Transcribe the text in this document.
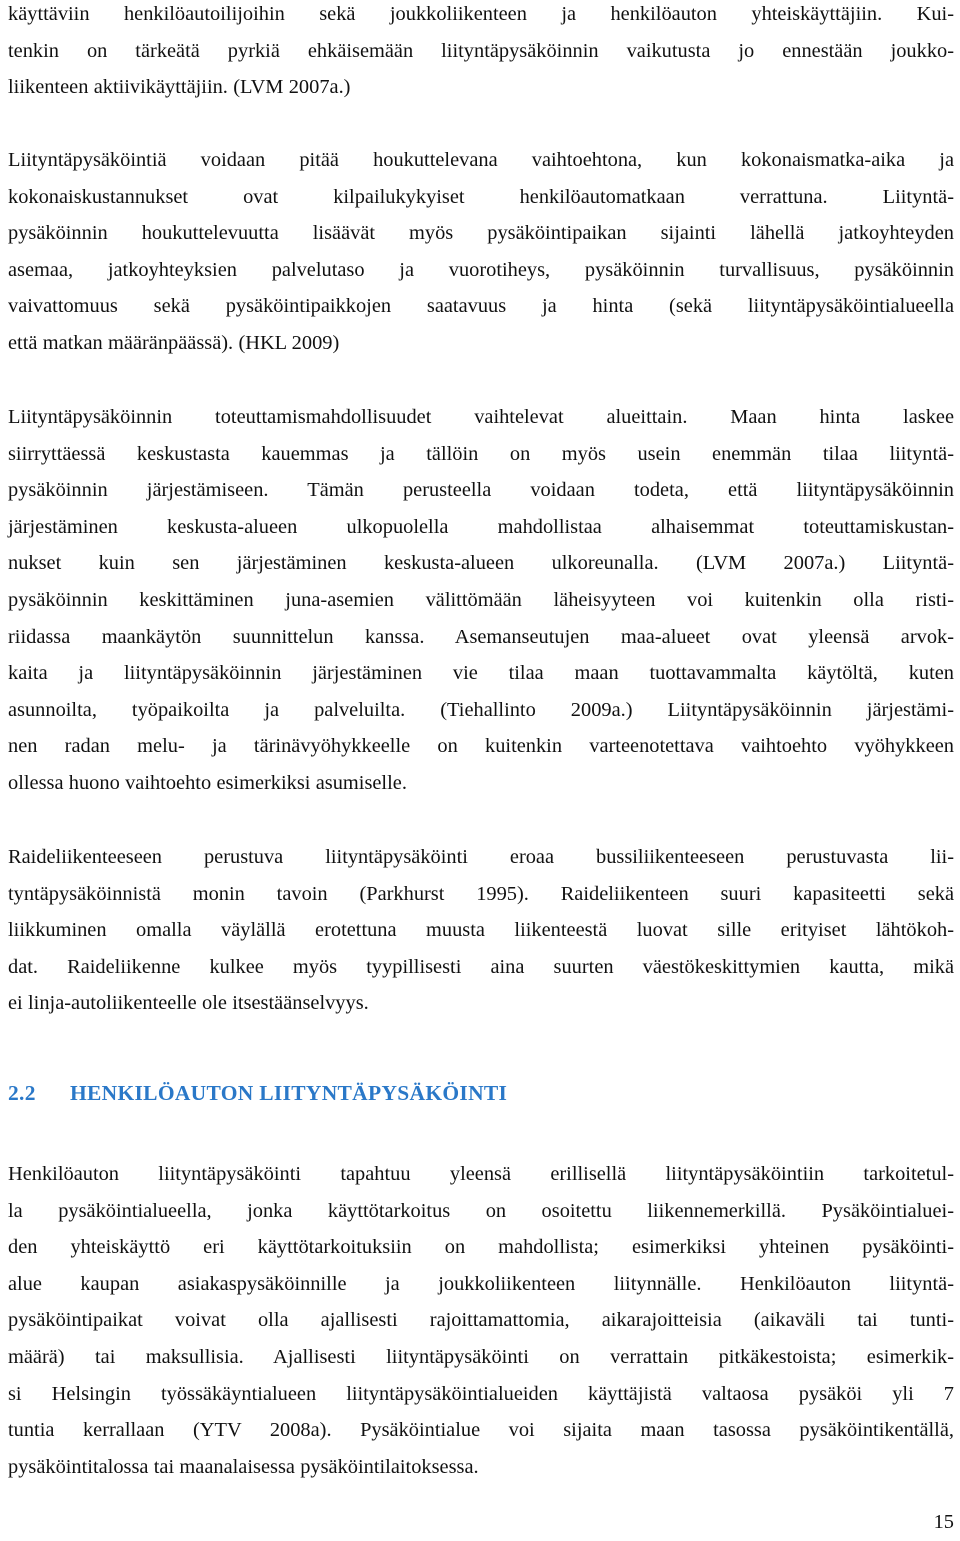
käyttäviin henkilöautoilijoihin sekä joukkoliikenteen ja henkilöauton yhteiskäyttäjiin. Kui-
tenkin on tärkeätä pyrkiä ehkäisemään liityntäpysäköinnin vaikutusta jo ennestään joukko-
liikenteen aktiivikäyttäjiin. (LVM 2007a.)
Liityntäpysäköintiä voidaan pitää houkuttelevana vaihtoehtona, kun kokonaismatka-aika ja
kokonaiskustannukset ovat kilpailukykyiset henkilöautomatkaan verrattuna. Liityntä-
pysäköinnin houkuttelevuutta lisäävät myös pysäköintipaikan sijainti lähellä jatkoyhteyden
asemaa, jatkoyhteyksien palvelutaso ja vuorotiheys, pysäköinnin turvallisuus, pysäköinnin
vaivattomuus sekä pysäköintipaikkojen saatavuus ja hinta (sekä liityntäpysäköintialueella
että matkan määränpäässä). (HKL 2009)
Liityntäpysäköinnin toteuttamismahdollisuudet vaihtelevat alueittain. Maan hinta laskee
siirryttäessä keskustasta kauemmas ja tällöin on myös usein enemmän tilaa liityntä-
pysäköinnin järjestämiseen. Tämän perusteella voidaan todeta, että liityntäpysäköinnin
järjestäminen keskusta-alueen ulkopuolella mahdollistaa alhaisemmat toteuttamiskustan-
nukset kuin sen järjestäminen keskusta-alueen ulkoreunalla. (LVM 2007a.) Liityntä-
pysäköinnin keskittäminen juna-asemien välittömään läheisyyteen voi kuitenkin olla risti-
riidassa maankäytön suunnittelun kanssa. Asemanseutujen maa-alueet ovat yleensä arvok-
kaita ja liityntäpysäköinnin järjestäminen vie tilaa maan tuottavammalta käytöltä, kuten
asunnoilta, työpaikoilta ja palveluilta. (Tiehallinto 2009a.) Liityntäpysäköinnin järjestämi-
nen radan melu- ja tärinävyöhykkeelle on kuitenkin varteenotettava vaihtoehto vyöhykkeen
ollessa huono vaihtoehto esimerkiksi asumiselle.
Raideliikenteeseen perustuva liityntäpysäköinti eroaa bussiliikenteeseen perustuvasta lii-
tyntäpysäköinnistä monin tavoin (Parkhurst 1995). Raideliikenteen suuri kapasiteetti sekä
liikkuminen omalla väylällä erotettuna muusta liikenteestä luovat sille erityiset lähtökoh-
dat. Raideliikenne kulkee myös tyypillisesti aina suurten väestökeskittymien kautta, mikä
ei linja-autoliikenteelle ole itsestäänselvyys.
2.2 HENKILÖAUTON LIITYNTÄPYSÄKÖINTI
Henkilöauton liityntäpysäköinti tapahtuu yleensä erillisellä liityntäpysäköintiin tarkoitetul-
la pysäköintialueella, jonka käyttötarkoitus on osoitettu liikennemerkillä. Pysäköintialuei-
den yhteiskäyttö eri käyttötarkoituksiin on mahdollista; esimerkiksi yhteinen pysäköinti-
alue kaupan asiakaspysäköinnille ja joukkoliikenteen liitynnälle. Henkilöauton liityntä-
pysäköintipaikat voivat olla ajallisesti rajoittamattomia, aikarajoitteisia (aikaväli tai tunti-
määrä) tai maksullisia. Ajallisesti liityntäpysäköinti on verrattain pitkäkestoista; esimerkik-
si Helsingin työssäkäyntialueen liityntäpysäköintialueiden käyttäjistä valtaosa pysäköi yli 7
tuntia kerrallaan (YTV 2008a). Pysäköintialue voi sijaita maan tasossa pysäköintikentällä,
pysäköintitalossa tai maanalaisessa pysäköintilaitoksessa.
15
